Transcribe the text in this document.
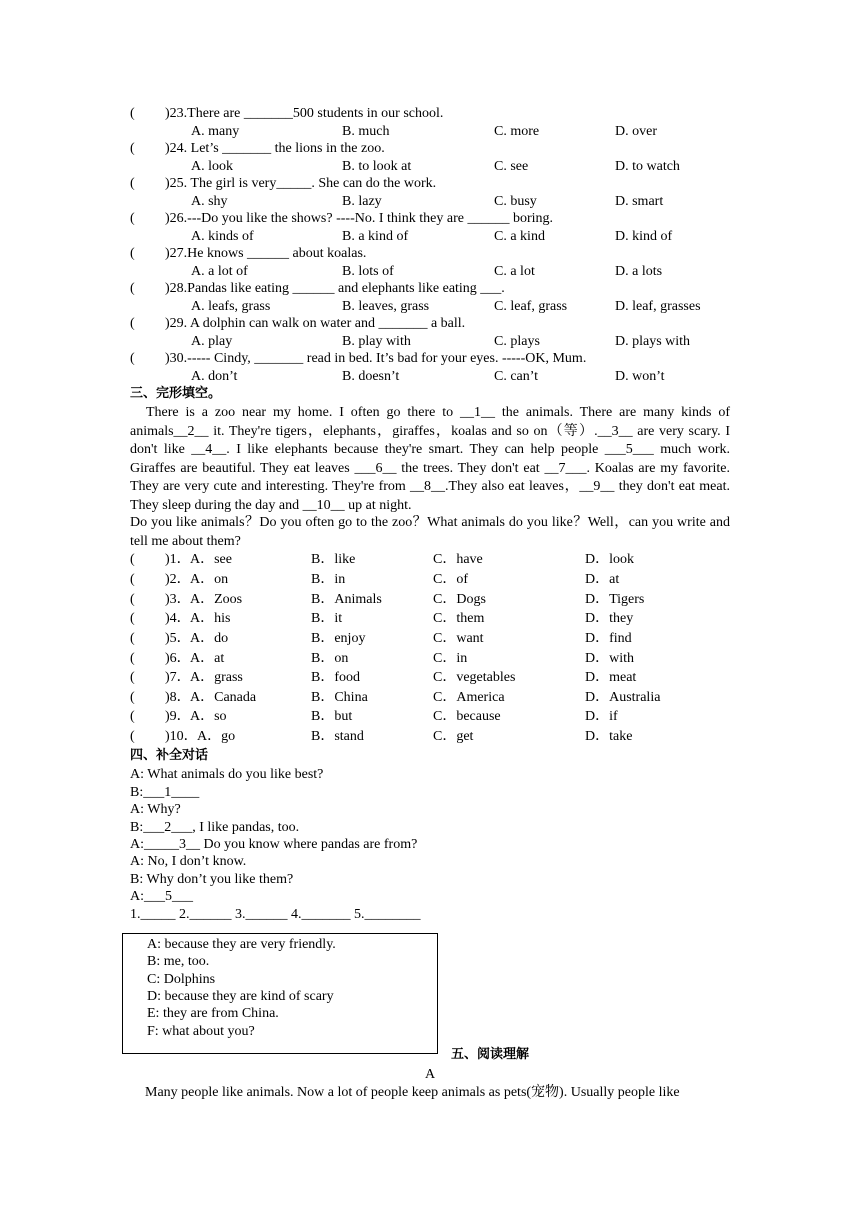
( )23.There are _______500 students in our school.
A. many	B. much	C. more	D. over
( )24. Let’s _______ the lions in the zoo.
A. look	B. to look at	C. see	D. to watch
( )25. The girl is very_____. She can do the work.
A. shy	B. lazy	C. busy	D. smart
( )26.---Do you like the shows? ----No. I think they are ______ boring.
A. kinds of	B. a kind of	C. a kind	D. kind of
( )27.He knows ______ about koalas.
A. a lot of	B. lots of	C. a lot	D. a lots
( )28.Pandas like eating ______ and elephants like eating ___.
A. leafs, grass	B. leaves, grass	C. leaf, grass	D. leaf, grasses
( )29. A dolphin can walk on water and _______ a ball.
A. play	B. play with	C. plays	D. plays with
( )30.----- Cindy, _______ read in bed. It’s bad for your eyes. -----OK, Mum.
A. don’t	B. doesn’t	C. can’t	D. won’t
三、完形填空。
There is a zoo near my home. I often go there to __1__ the animals. There are many kinds of animals__2__ it. They're tigers，elephants，giraffes，koalas and so on（等）.__3__ are very scary. I don't like __4__. I like elephants because they're smart. They can help people ___5___ much work. Giraffes are beautiful. They eat leaves ___6__ the trees. They don't eat __7___. Koalas are my favorite. They are very cute and interesting. They're from __8__.They also eat leaves，__9__ they don't eat meat. They sleep during the day and __10__ up at night.
Do you like animals？Do you often go to the zoo？What animals do you like？Well，can you write and tell me about them?
( )1． A．see	B．like	C．have	D．look
( )2． A．on	B．in	C．of	D．at
( )3． A．Zoos	B．Animals	C．Dogs	D．Tigers
( )4． A．his	B．it	C．them	D．they
( )5． A．do	B．enjoy	C．want	D．find
( )6． A．at	B．on	C．in	D．with
( )7． A．grass	B．food	C．vegetables	D．meat
( )8． A．Canada	B．China	C．America	D．Australia
( )9． A．so	B．but	C．because	D．if
( )10． A．go	B．stand	C．get	D．take
四、补全对话
A: What animals do you like best?
B:___1____
A: Why?
B:___2___, I like pandas, too.
A:_____3__ Do you know where pandas are from?
A: No, I don’t know.
B: Why don’t you like them?
A:___5___
1._____ 2.______ 3.______ 4._______ 5.________
A: because they are very friendly.
B: me, too.
C: Dolphins
D: because they are kind of scary
E: they are from China.
F: what about you?
五、阅读理解
A
Many people like animals. Now a lot of people keep animals as pets(宠物). Usually people like
